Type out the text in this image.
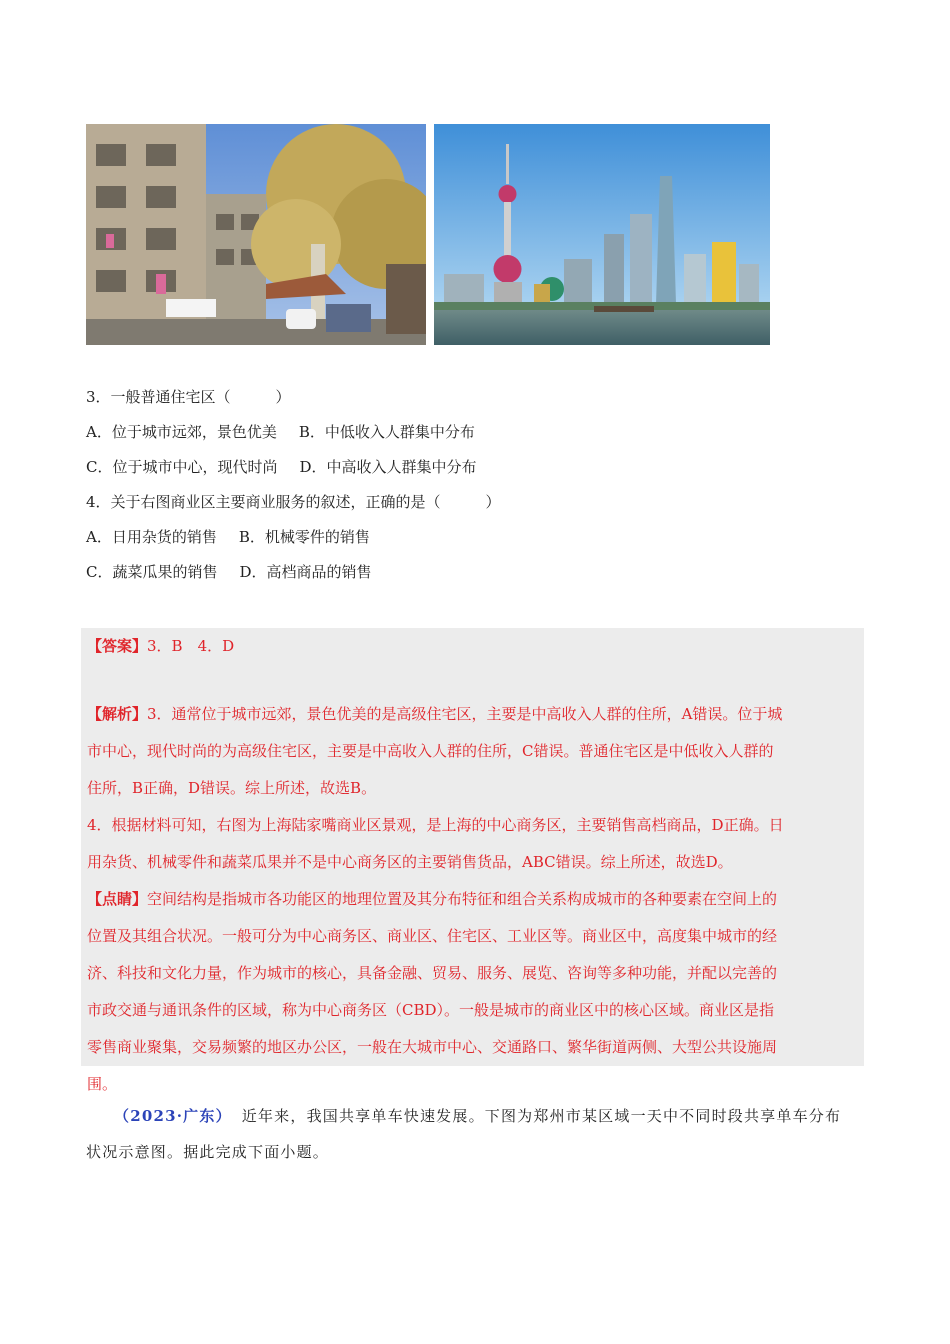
3．一般普通住宅区（　　　）
A．位于城市远郊，景色优美 B．中低收入人群集中分布
C．位于城市中心，现代时尚 D．中高收入人群集中分布
4．关于右图商业区主要商业服务的叙述，正确的是（　　　）
A．日用杂货的销售 B．机械零件的销售
C．蔬菜瓜果的销售 D．高档商品的销售
【答案】3．B　4．D
【解析】3．通常位于城市远郊，景色优美的是高级住宅区，主要是中高收入人群的住所，A错误。位于城
市中心，现代时尚的为高级住宅区，主要是中高收入人群的住所，C错误。普通住宅区是中低收入人群的
住所，B正确，D错误。综上所述，故选B。
4．根据材料可知，右图为上海陆家嘴商业区景观，是上海的中心商务区，主要销售高档商品，D正确。日
用杂货、机械零件和蔬菜瓜果并不是中心商务区的主要销售货品，ABC错误。综上所述，故选D。
【点睛】空间结构是指城市各功能区的地理位置及其分布特征和组合关系构成城市的各种要素在空间上的
位置及其组合状况。一般可分为中心商务区、商业区、住宅区、工业区等。商业区中，高度集中城市的经
济、科技和文化力量，作为城市的核心，具备金融、贸易、服务、展览、咨询等多种功能，并配以完善的
市政交通与通讯条件的区域，称为中心商务区（CBD）。一般是城市的商业区中的核心区域。商业区是指
零售商业聚集，交易频繁的地区办公区，一般在大城市中心、交通路口、繁华街道两侧、大型公共设施周
围。
（2023·广东） 近年来，我国共享单车快速发展。下图为郑州市某区域一天中不同时段共享单车分布
状况示意图。据此完成下面小题。
